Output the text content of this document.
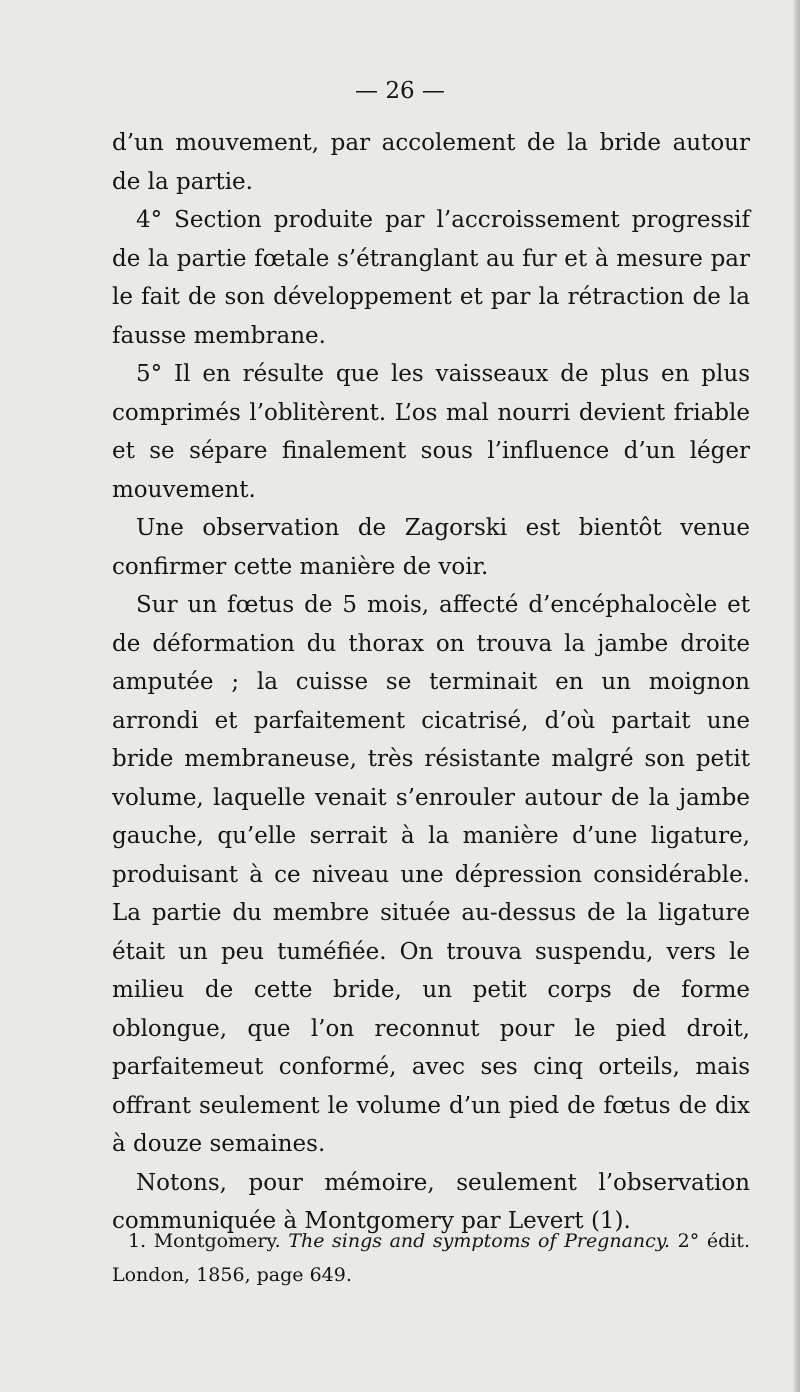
— 26 —

d’un mouvement, par accolement de la bride autour de la partie.

4° Section produite par l’accroissement progressif de la partie fœtale s’étranglant au fur et à mesure par le fait de son développement et par la rétraction de la fausse membrane.

5° Il en résulte que les vaisseaux de plus en plus comprimés l’oblitèrent. L’os mal nourri devient friable et se sépare finalement sous l’influence d’un léger mouvement.

Une observation de Zagorski est bientôt venue confirmer cette manière de voir.

Sur un fœtus de 5 mois, affecté d’encéphalocèle et de déformation du thorax on trouva la jambe droite amputée ; la cuisse se terminait en un moignon arrondi et parfaitement cicatrisé, d’où partait une bride membraneuse, très résistante malgré son petit volume, laquelle venait s’enrouler autour de la jambe gauche, qu’elle serrait à la manière d’une ligature, produisant à ce niveau une dépression considérable. La partie du membre située au-dessus de la ligature était un peu tuméfiée. On trouva suspendu, vers le milieu de cette bride, un petit corps de forme oblongue, que l’on reconnut pour le pied droit, parfaitemeut conformé, avec ses cinq orteils, mais offrant seulement le volume d’un pied de fœtus de dix à douze semaines.

Notons, pour mémoire, seulement l’observation communiquée à Montgomery par Levert (1).

1. Montgomery. The sings and symptoms of Pregnancy. 2° édit. London, 1856, page 649.
